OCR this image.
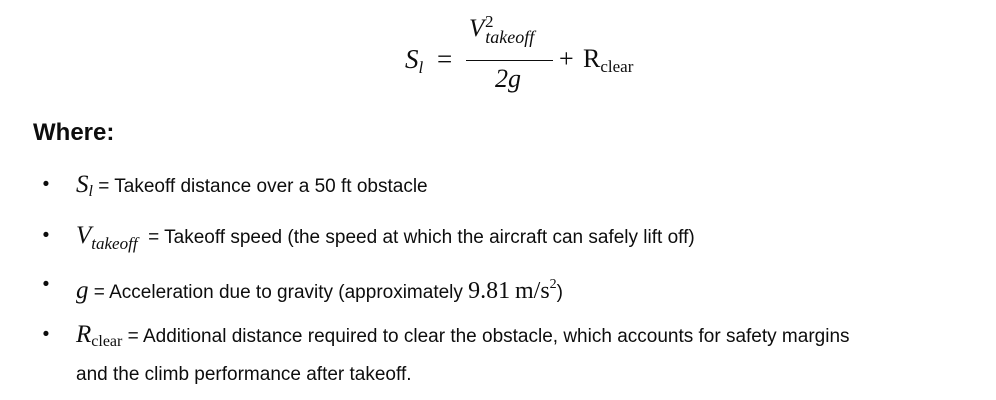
$S_l$ =
V 2
$_{takeoff}$
2g
+ Rclear
Where:
• $S_l$ = Takeoff distance over a 50 ft obstacle
• $V_{takeoff}$ = Takeoff speed (the speed at which the aircraft can safely lift off)
• g = Acceleration due to gravity (approximately 9.81  $m/s^2$)
• $R_{clear}$ = Additional distance required to clear the obstacle, which accounts for safety margins
and the climb performance after takeoff.
